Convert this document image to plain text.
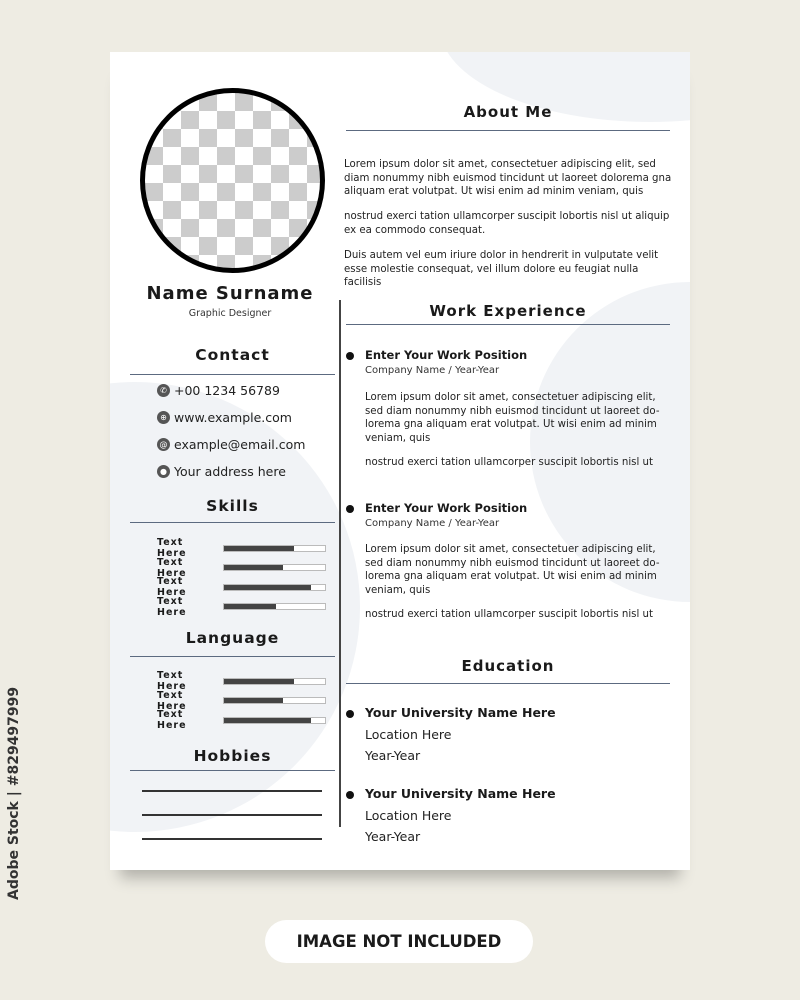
Name Surname
Graphic Designer
Contact
✆ +00 1234 56789
⊕ www.example.com
@ example@email.com
● Your address here
Skills
Text Here
Text Here
Text Here
Text Here
Language
Text Here
Text Here
Text Here
Hobbies
About Me
Lorem ipsum dolor sit amet, consectetuer adipiscing elit, sed diam nonummy nibh euismod tincidunt ut laoreet dolorema gna aliquam erat volutpat. Ut wisi enim ad minim veniam, quis
nostrud exerci tation ullamcorper suscipit lobortis nisl ut aliquip ex ea commodo consequat.
Duis autem vel eum iriure dolor in hendrerit in vulputate velit esse molestie consequat, vel illum dolore eu feugiat nulla facilisis
Work Experience
Enter Your Work Position
Company Name / Year-Year
Lorem ipsum dolor sit amet, consectetuer adipiscing elit, sed diam nonummy nibh euismod tincidunt ut laoreet do-lorema gna aliquam erat volutpat. Ut wisi enim ad minim veniam, quis
nostrud exerci tation ullamcorper suscipit lobortis nisl ut
Enter Your Work Position
Company Name / Year-Year
Lorem ipsum dolor sit amet, consectetuer adipiscing elit, sed diam nonummy nibh euismod tincidunt ut laoreet do-lorema gna aliquam erat volutpat. Ut wisi enim ad minim veniam, quis
nostrud exerci tation ullamcorper suscipit lobortis nisl ut
Education
Your University Name Here
Location Here
Year-Year
Your University Name Here
Location Here
Year-Year
IMAGE NOT INCLUDED
Adobe Stock | #829497999
